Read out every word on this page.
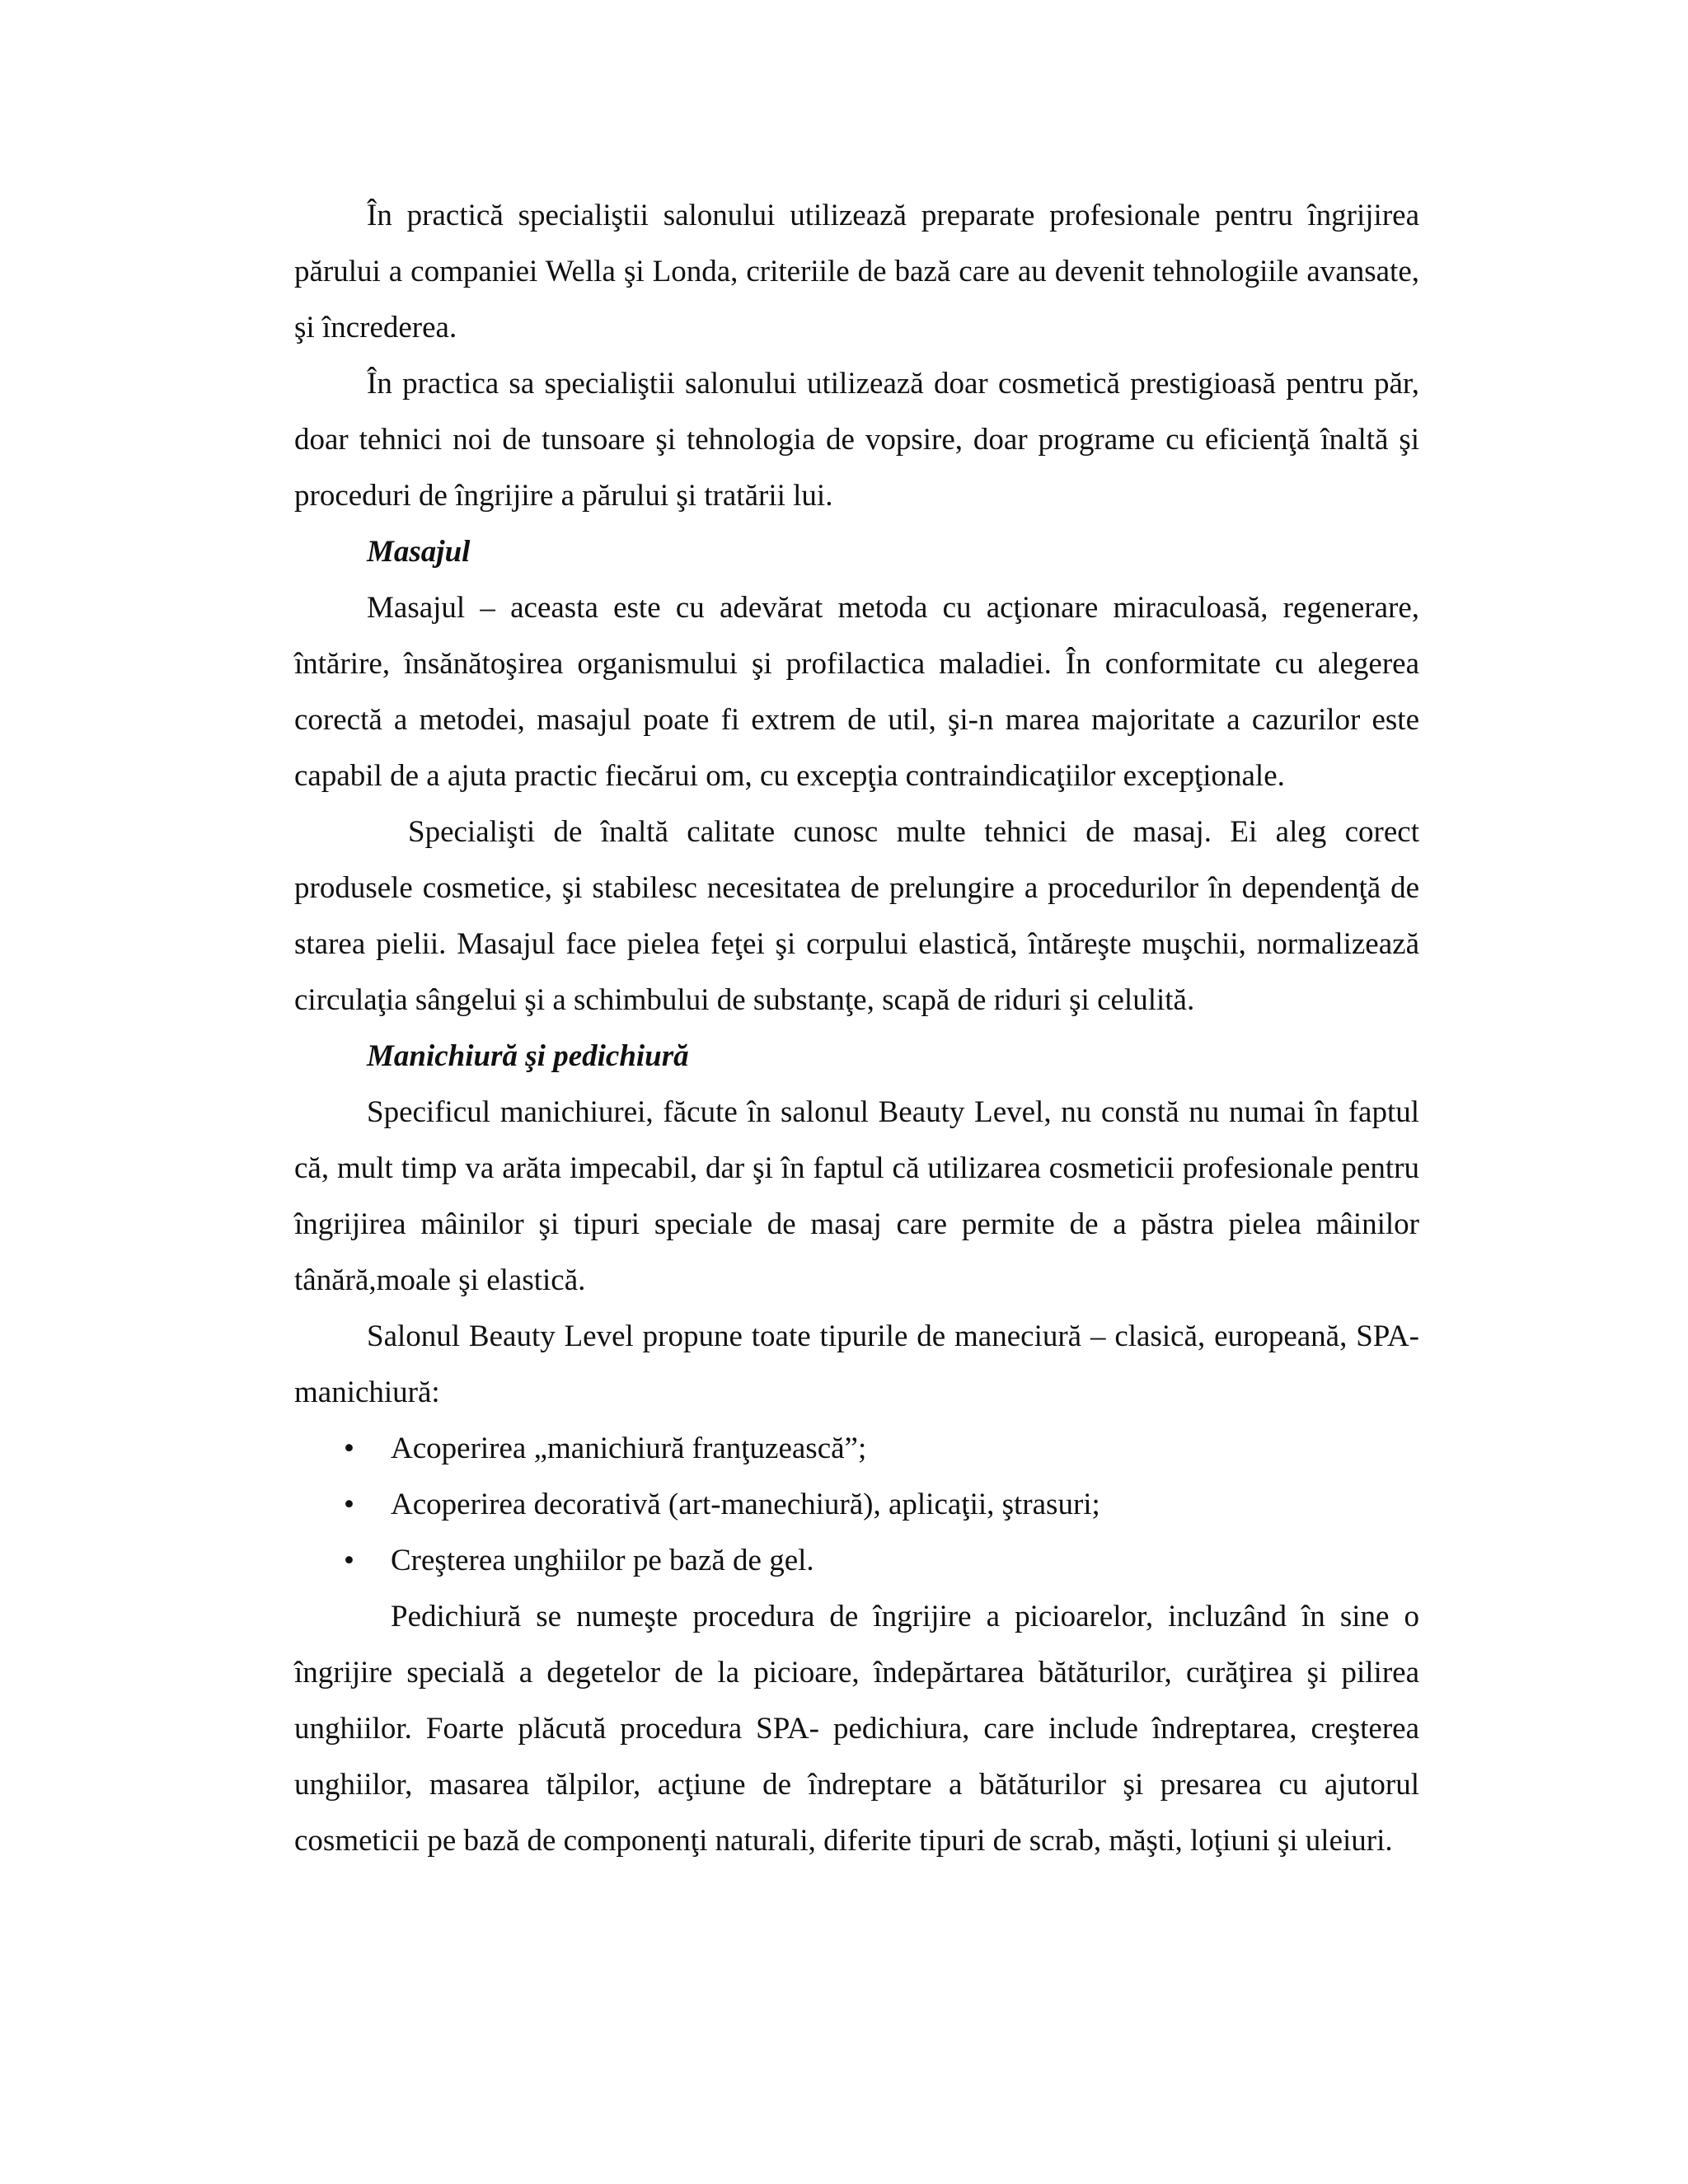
În practică specialiştii salonului utilizează preparate profesionale pentru îngrijirea părului a companiei Wella şi Londa, criteriile de bază care au devenit tehnologiile avansate, şi încrederea.

În practica sa specialiştii salonului utilizează doar cosmetică prestigioasă pentru păr, doar tehnici noi de tunsoare şi tehnologia de vopsire, doar programe cu eficienţă înaltă şi proceduri de îngrijire a părului şi tratării lui.

Masajul

Masajul – aceasta este cu adevărat metoda cu acţionare miraculoasă, regenerare, întărire, însănătoşirea organismului şi profilactica maladiei. În conformitate cu alegerea corectă a metodei, masajul poate fi extrem de util, şi-n marea majoritate a cazurilor este capabil de a ajuta practic fiecărui om, cu excepţia contraindicaţiilor excepţionale.

Specialişti de înaltă calitate cunosc multe tehnici de masaj. Ei aleg corect produsele cosmetice, şi stabilesc necesitatea de prelungire a procedurilor în dependenţă de starea pielii. Masajul face pielea feţei şi corpului elastică, întăreşte muşchii, normalizează circulaţia sângelui şi a schimbului de substanţe, scapă de riduri şi celulită.

Manichiură şi pedichiură

Specificul manichiurei, făcute în salonul Beauty Level, nu constă nu numai în faptul că, mult timp va arăta impecabil, dar şi în faptul că utilizarea cosmeticii profesionale pentru îngrijirea mâinilor şi tipuri speciale de masaj care permite de a păstra pielea mâinilor tânără,moale şi elastică.

Salonul Beauty Level propune toate tipurile de maneciură – clasică, europeană, SPA-manichiură:

• Acoperirea „manichiură franţuzească”;
• Acoperirea decorativă (art-manechiură), aplicaţii, ştrasuri;
• Creşterea unghiilor pe bază de gel.

Pedichiură se numeşte procedura de îngrijire a picioarelor, incluzând în sine o îngrijire specială a degetelor de la picioare, îndepărtarea bătăturilor, curăţirea şi pilirea unghiilor. Foarte plăcută procedura SPA- pedichiura, care include îndreptarea, creşterea unghiilor, masarea tălpilor, acţiune de îndreptare a bătăturilor şi presarea cu ajutorul cosmeticii pe bază de componenţi naturali, diferite tipuri de scrab, măşti, loţiuni şi uleiuri.
